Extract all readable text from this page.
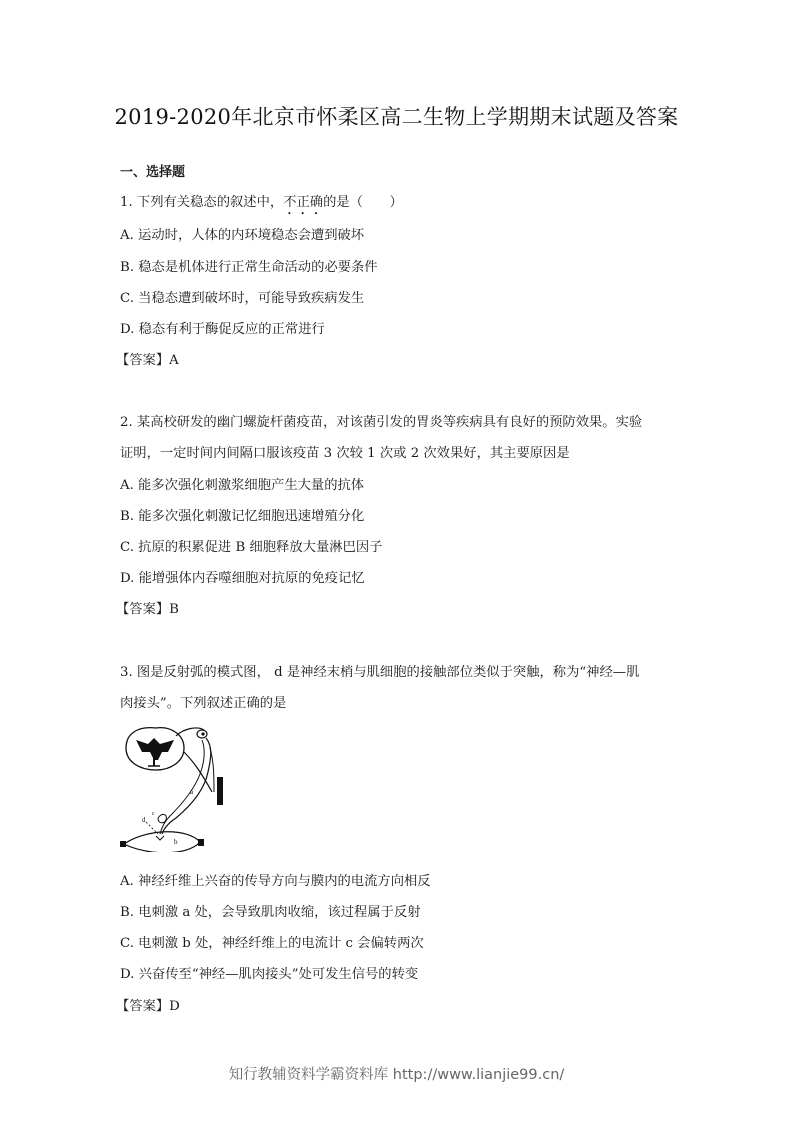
2019-2020年北京市怀柔区高二生物上学期期末试题及答案
一、选择题
1. 下列有关稳态的叙述中，不正确的是（　　）
A. 运动时，人体的内环境稳态会遭到破坏
B. 稳态是机体进行正常生命活动的必要条件
C. 当稳态遭到破坏时，可能导致疾病发生
D. 稳态有利于酶促反应的正常进行
【答案】A
2. 某高校研发的幽门螺旋杆菌疫苗，对该菌引发的胃炎等疾病具有良好的预防效果。实验
证明，一定时间内间隔口服该疫苗 3 次较 1 次或 2 次效果好，其主要原因是
A. 能多次强化刺激浆细胞产生大量的抗体
B. 能多次强化刺激记忆细胞迅速增殖分化
C. 抗原的积累促进 B 细胞释放大量淋巴因子
D. 能增强体内吞噬细胞对抗原的免疫记忆
【答案】B
3. 图是反射弧的模式图， d 是神经末梢与肌细胞的接触部位类似于突触，称为“神经—肌
肉接头”。下列叙述正确的是
a
c
d
b
A. 神经纤维上兴奋的传导方向与膜内的电流方向相反
B. 电刺激 a 处，会导致肌肉收缩，该过程属于反射
C. 电刺激 b 处，神经纤维上的电流计 c 会偏转两次
D. 兴奋传至“神经—肌肉接头”处可发生信号的转变
【答案】D
知行教辅资料学霸资料库 http://www.lianjie99.cn/
